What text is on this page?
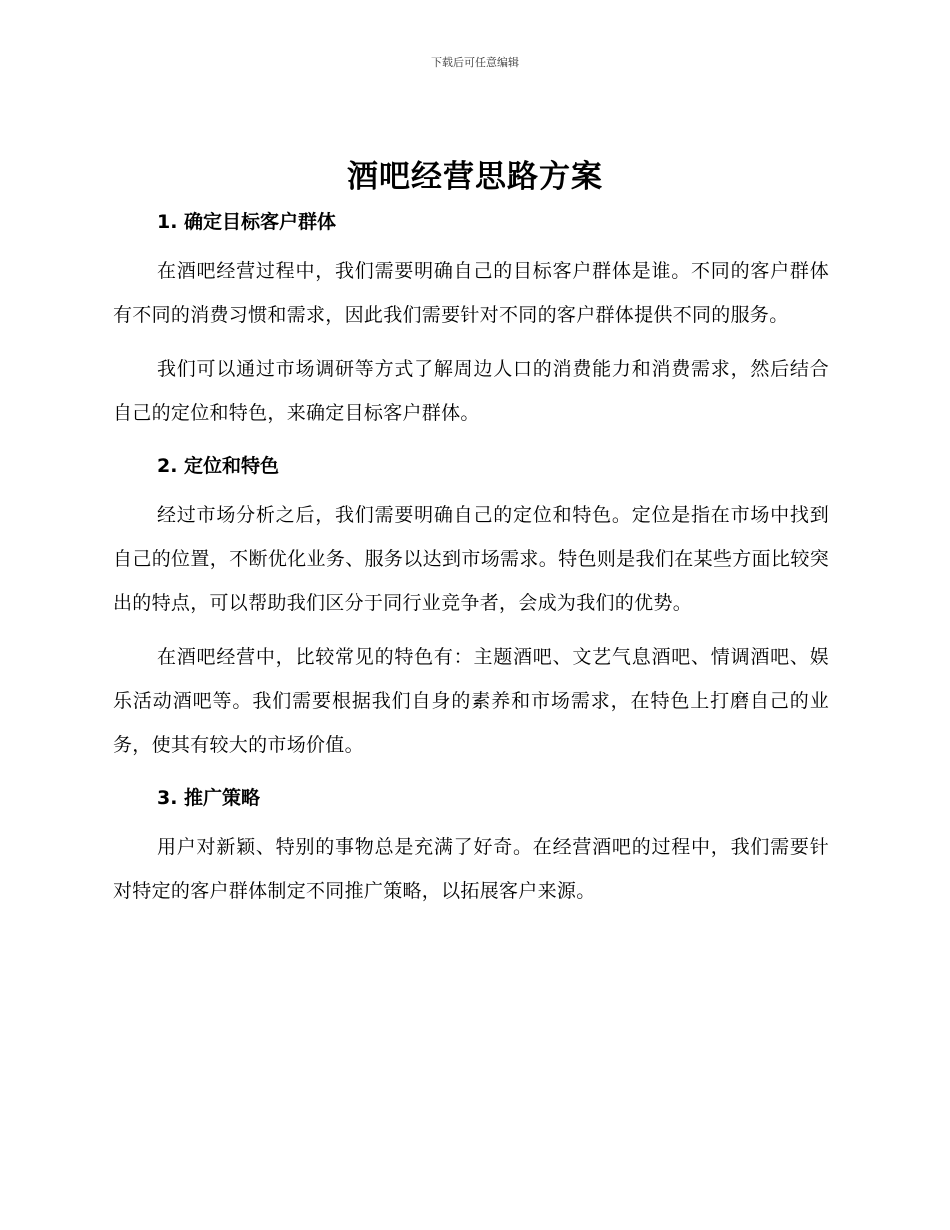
下载后可任意编辑
酒吧经营思路方案
1. 确定目标客户群体

在酒吧经营过程中，我们需要明确自己的目标客户群体是谁。不同的客户群体有不同的消费习惯和需求，因此我们需要针对不同的客户群体提供不同的服务。

我们可以通过市场调研等方式了解周边人口的消费能力和消费需求，然后结合自己的定位和特色，来确定目标客户群体。

2. 定位和特色

经过市场分析之后，我们需要明确自己的定位和特色。定位是指在市场中找到自己的位置，不断优化业务、服务以达到市场需求。特色则是我们在某些方面比较突出的特点，可以帮助我们区分于同行业竞争者，会成为我们的优势。

在酒吧经营中，比较常见的特色有：主题酒吧、文艺气息酒吧、情调酒吧、娱乐活动酒吧等。我们需要根据我们自身的素养和市场需求，在特色上打磨自己的业务，使其有较大的市场价值。

3. 推广策略

用户对新颖、特别的事物总是充满了好奇。在经营酒吧的过程中，我们需要针对特定的客户群体制定不同推广策略，以拓展客户来源。
